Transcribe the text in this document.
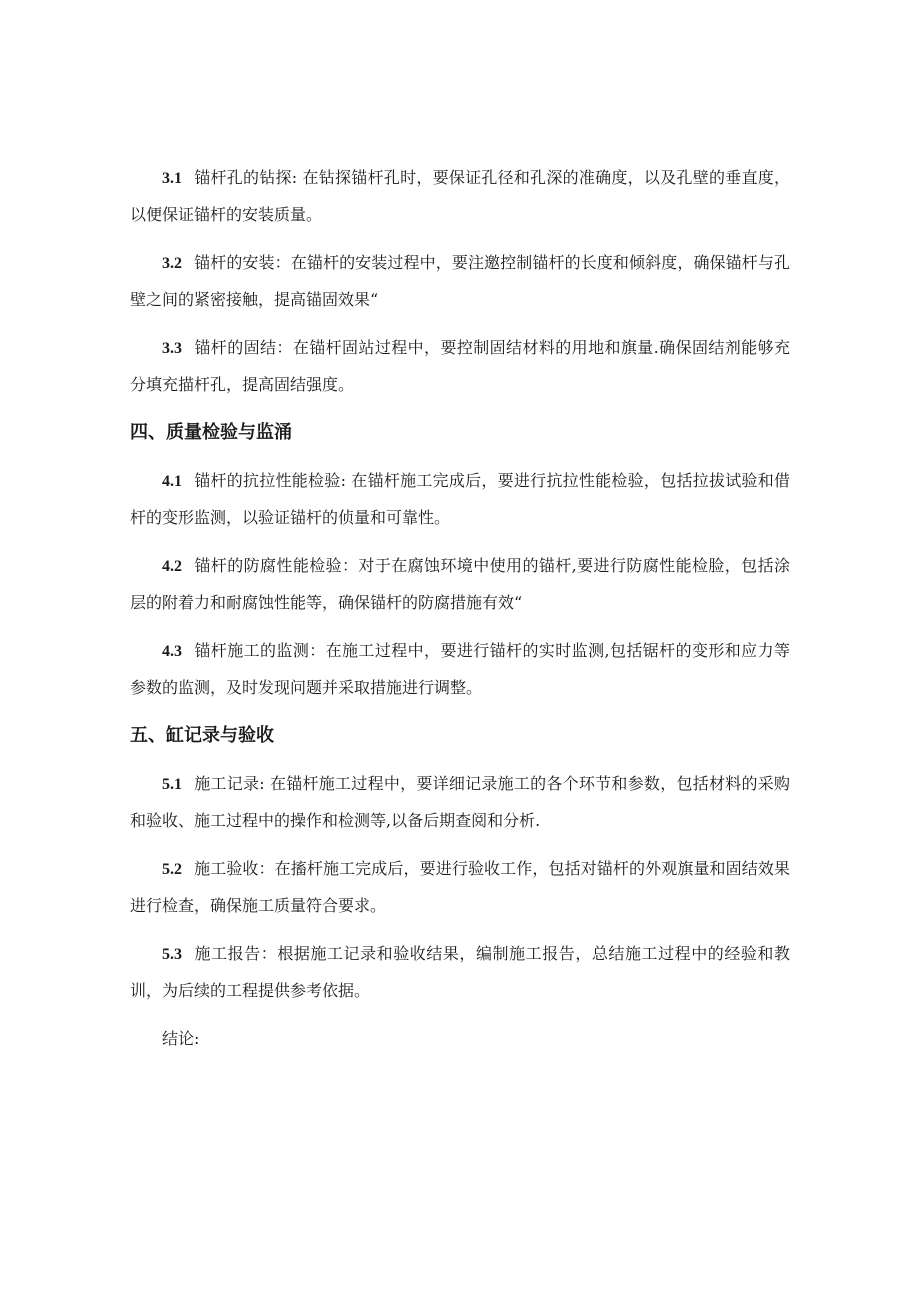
3.1 锚杆孔的钻探: 在钻探锚杆孔时，要保证孔径和孔深的准确度，以及孔壁的垂直度，以便保证锚杆的安装质量。

3.2 锚杆的安装：在锚杆的安装过程中，要注邀控制锚杆的长度和倾斜度，确保锚杆与孔壁之间的紧密接触，提高锚固效果“

3.3 锚杆的固结：在锚杆固站过程中，要控制固结材料的用地和旗量.确保固结剂能够充分填充描杆孔，提高固结强度。

四、质量检验与监涌

4.1 锚杆的抗拉性能检验: 在锚杆施工完成后，要进行抗拉性能检验，包括拉拔试验和借杆的变形监测，以验证锚杆的侦量和可靠性。

4.2 锚杆的防腐性能检验：对于在腐蚀环境中使用的锚杆,要进行防腐性能检脸，包括涂层的附着力和耐腐蚀性能等，确保锚杆的防腐措施有效“

4.3 锚杆施工的监测：在施工过程中，要进行锚杆的实时监测,包括锯杆的变形和应力等参数的监测，及时发现问题并采取措施进行调整。

五、缸记录与验收

5.1 施工记录: 在锚杆施工过程中，要详细记录施工的各个环节和参数，包括材料的采购和验收、施工过程中的操作和检测等,以备后期查阅和分析.

5.2 施工验收：在搐杆施工完成后，要进行验收工作，包括对锚杆的外观旗量和固结效果进行检查，确保施工质量符合要求。

5.3 施工报告：根据施工记录和验收结果，编制施工报告，总结施工过程中的经验和教训，为后续的工程提供参考依据。

结论:
